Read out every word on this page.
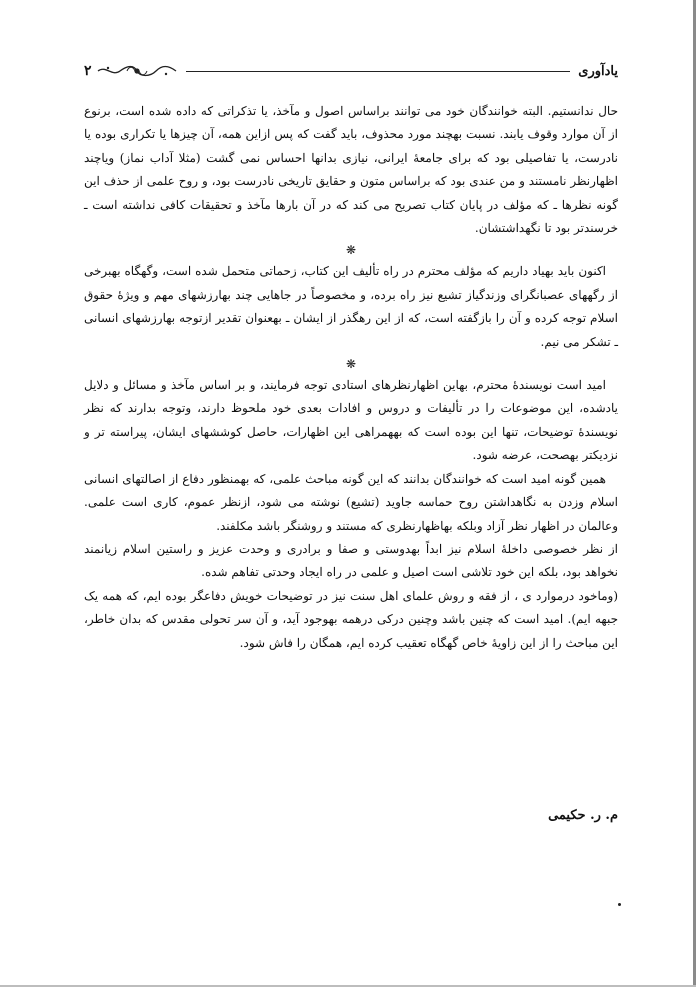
یادآوری
۲

حال ندانستیم. البته خوانندگان خود می توانند براساس اصول و مآخذ، یا تذکراتی که داده شده است، برنوع از آن موارد وقوف یابند. نسبت بهچند مورد محذوف، باید گفت که پس ازاین همه، آن چیزها یا تکراری بوده یا نادرست، یا تفاصیلی بود که برای جامعهٔ ایرانی، نیازی بدانها احساس نمی گشت (مثلا آداب نماز) ویاچند اظهارنظر نامستند و من عندی بود که براساس متون و حقایق تاریخی نادرست بود، و روح علمی از حذف این گونه نظرها ـ که مؤلف در پایان کتاب تصریح می کند که در آن بارها مآخذ و تحقیقات کافی نداشته است ـ خرسندتر بود تا نگهداشتشان.

❋

اکنون باید بهیاد داریم که مؤلف محترم در راه تألیف این کتاب، زحماتی متحمل شده است، وگهگاه بهبرخی از رگههای عصبانگرای وزندگیاز تشیع نیز راه برده، و مخصوصاً در جاهایی چند بهارزشهای مهم و ویژهٔ حقوق اسلام توجه کرده و آن را بازگفته است، که از این رهگذر از ایشان ـ بهعنوان تقدیر ازتوجه بهارزشهای انسانی ـ تشکر می نیم.

❋

امید است نویسندهٔ محترم، بهاین اظهارنظرهای استادی توجه فرمایند، و بر اساس مآخذ و مسائل و دلایل یادشده، این موضوعات را در تألیفات و دروس و افادات بعدی خود ملحوظ دارند، وتوجه بدارند که نظر نویسندهٔ توضیحات، تنها این بوده است که بههمراهی این اظهارات، حاصل کوششهای ایشان، پیراسته تر و نزدیکتر بهصحت، عرضه شود.

همین گونه امید است که خوانندگان بدانند که این گونه مباحث علمی، که بهمنظور دفاع از اصالتهای انسانی اسلام وزدن به نگاهداشتن روح حماسه جاوید (تشیع) نوشته می شود، ازنظر عموم، کاری است علمی. وعالمان در اظهار نظر آزاد وبلکه بهاظهارنظری که مستند و روشنگر باشد مکلفند.

از نظر خصوصی داخلهٔ اسلام نیز ابداً بهدوستی و صفا و برادری و وحدت عزیز و راستین اسلام زیانمند نخواهد بود، بلکه این خود تلاشی است اصیل و علمی در راه ایجاد وحدتی تفاهم شده.

(وماخود درموارد ی ، از فقه و روش علمای اهل سنت نیز در توضیحات خویش دفاعگر بوده ایم، که همه یک جبهه ایم). امید است که چنین باشد وچنین درکی درهمه بهوجود آید، و آن سر تحولی مقدس که بدان خاطر، این مباحث را از این زاویهٔ خاص گهگاه تعقیب کرده ایم، همگان را فاش شود.

م. ر. حکیمی
